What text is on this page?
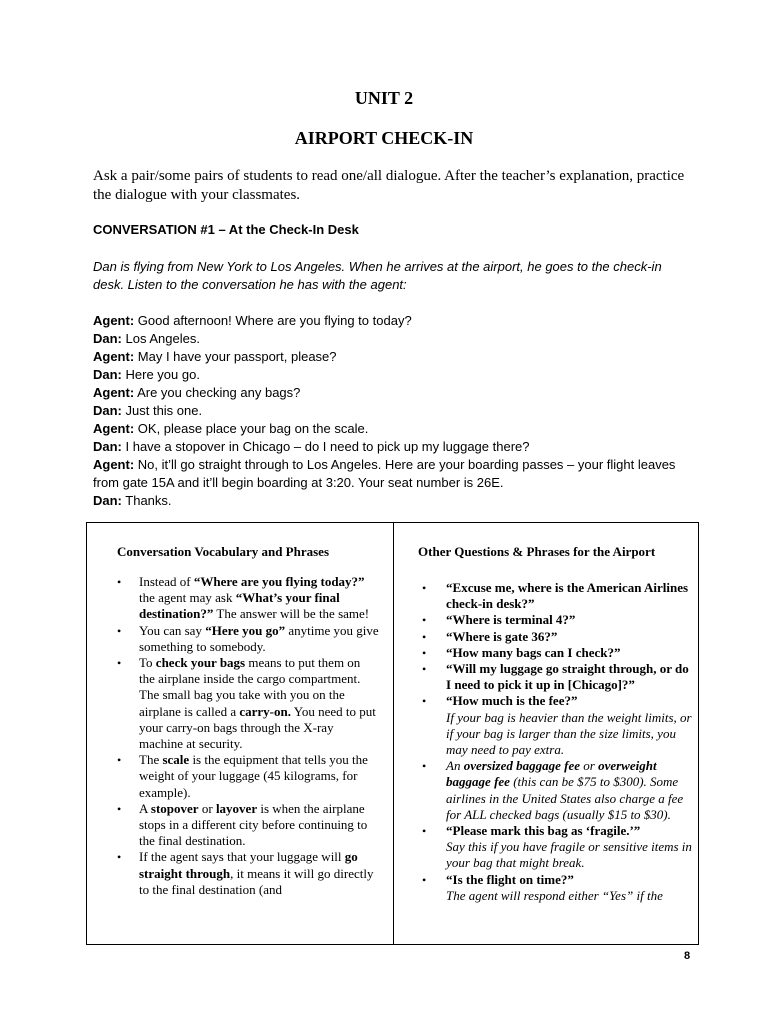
UNIT 2
AIRPORT CHECK-IN
Ask a pair/some pairs of students to read one/all dialogue. After the teacher’s explanation, practice the dialogue with your classmates.
CONVERSATION #1 – At the Check-In Desk
Dan is flying from New York to Los Angeles. When he arrives at the airport, he goes to the check-in desk. Listen to the conversation he has with the agent:
Agent: Good afternoon! Where are you flying to today?
Dan: Los Angeles.
Agent: May I have your passport, please?
Dan: Here you go.
Agent: Are you checking any bags?
Dan: Just this one.
Agent: OK, please place your bag on the scale.
Dan: I have a stopover in Chicago – do I need to pick up my luggage there?
Agent: No, it’ll go straight through to Los Angeles. Here are your boarding passes – your flight leaves from gate 15A and it’ll begin boarding at 3:20. Your seat number is 26E.
Dan: Thanks.
Conversation Vocabulary and Phrases
• Instead of “Where are you flying today?” the agent may ask “What’s your final destination?” The answer will be the same!
• You can say “Here you go” anytime you give something to somebody.
• To check your bags means to put them on the airplane inside the cargo compartment. The small bag you take with you on the airplane is called a carry-on. You need to put your carry-on bags through the X-ray machine at security.
• The scale is the equipment that tells you the weight of your luggage (45 kilograms, for example).
• A stopover or layover is when the airplane stops in a different city before continuing to the final destination.
• If the agent says that your luggage will go straight through, it means it will go directly to the final destination (and
Other Questions & Phrases for the Airport
• “Excuse me, where is the American Airlines check-in desk?”
• “Where is terminal 4?”
• “Where is gate 36?”
• “How many bags can I check?”
• “Will my luggage go straight through, or do I need to pick it up in [Chicago]?”
• “How much is the fee?”
If your bag is heavier than the weight limits, or if your bag is larger than the size limits, you may need to pay extra.
• An oversized baggage fee or overweight baggage fee (this can be $75 to $300). Some airlines in the United States also charge a fee for ALL checked bags (usually $15 to $30).
• “Please mark this bag as ‘fragile.’”
Say this if you have fragile or sensitive items in your bag that might break.
• “Is the flight on time?”
The agent will respond either “Yes” if the
8
